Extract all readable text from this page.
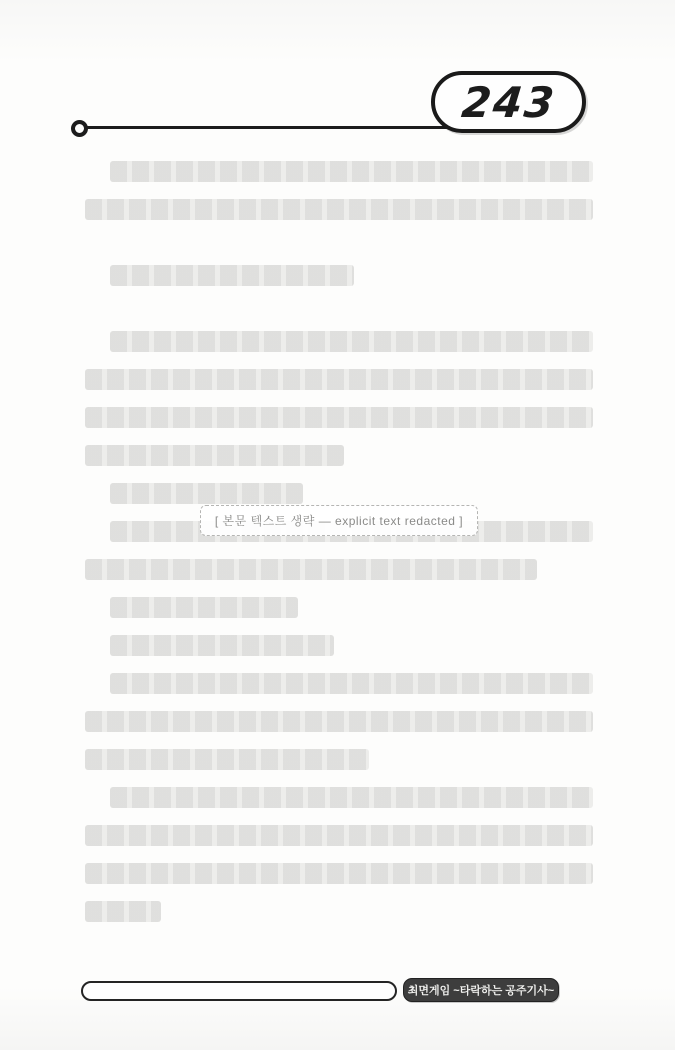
243
[ 본문 텍스트 생략 — explicit text redacted ]
최면게임 ~타락하는 공주기사~
